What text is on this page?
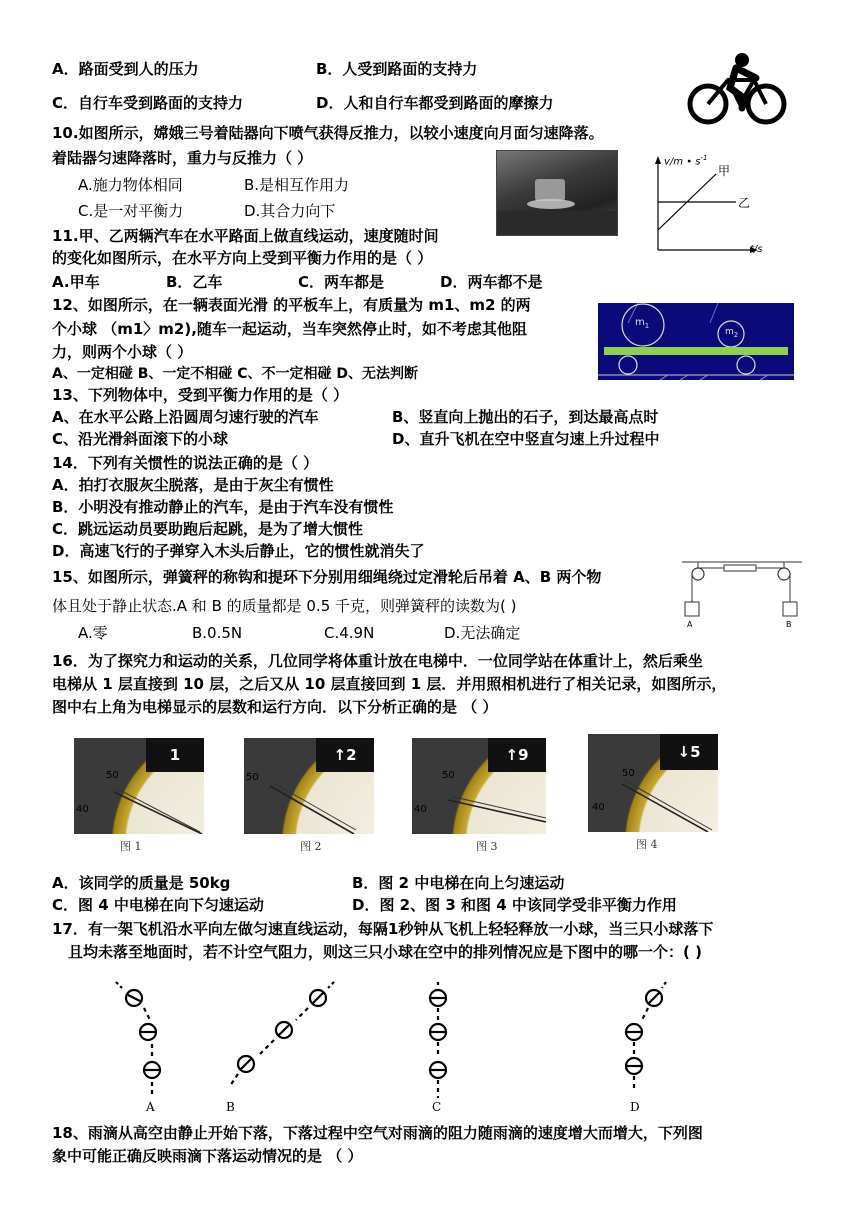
A．路面受到人的压力	B．人受到路面的支持力
C．自行车受到路面的支持力	D．人和自行车都受到路面的摩擦力
10.如图所示，嫦娥三号着陆器向下喷气获得反推力，以较小速度向月面匀速降落。
着陆器匀速降落时，重力与反推力（ ）
A.施力物体相同	B.是相互作用力
C.是一对平衡力	D.其合力向下
v/m • $s^{-1}$
甲
乙
t/s
11.甲、乙两辆汽车在水平路面上做直线运动，速度随时间
的变化如图所示，在水平方向上受到平衡力作用的是（ ）
A.甲车	B．乙车	C．两车都是	D．两车都不是
12、如图所示，在一辆表面光滑 的平板车上，有质量为 m1、m2 的两
个小球 （m1〉m2),随车一起运动，当车突然停止时，如不考虑其他阻
力，则两个小球（ ）
A、一定相碰 B、一定不相碰 C、不一定相碰 D、无法判断
$m_1$
$m_2$
13、下列物体中，受到平衡力作用的是（ ）
A、在水平公路上沿圆周匀速行驶的汽车	B、竖直向上抛出的石子，到达最高点时
C、沿光滑斜面滚下的小球	D、直升飞机在空中竖直匀速上升过程中
14．下列有关惯性的说法正确的是（ ）
A．拍打衣服灰尘脱落，是由于灰尘有惯性
B．小明没有推动静止的汽车，是由于汽车没有惯性
C．跳远运动员要助跑后起跳，是为了增大惯性
D．高速飞行的子弹穿入木头后静止，它的惯性就消失了
15、如图所示，弹簧秤的称钩和提环下分别用细绳绕过定滑轮后吊着 A、B 两个物
体且处于静止状态.A 和 B 的质量都是 0.5 千克，则弹簧秤的读数为( )
A.零	B.0.5N	C.4.9N	D.无法确定	A	B
16．为了探究力和运动的关系，几位同学将体重计放在电梯中．一位同学站在体重计上，然后乘坐
电梯从 1 层直接到 10 层，之后又从 10 层直接回到 1 层．并用照相机进行了相关记录，如图所示，
图中右上角为电梯显示的层数和运行方向．以下分析正确的是 （ ）
1
50
40
图 1
↑2
50
图 2
↑9
50
40
图 3
↓5
50
40
图 4
A．该同学的质量是 50kg	B．图 2 中电梯在向上匀速运动
C．图 4 中电梯在向下匀速运动	D．图 2、图 3 和图 4 中该同学受非平衡力作用
17．有一架飞机沿水平向左做匀速直线运动，每隔1秒钟从飞机上轻轻释放一小球，当三只小球落下
且均未落至地面时，若不计空气阻力，则这三只小球在空中的排列情况应是下图中的哪一个：( )
A	B	C	D
18、雨滴从高空由静止开始下落，下落过程中空气对雨滴的阻力随雨滴的速度增大而增大，下列图
象中可能正确反映雨滴下落运动情况的是 （ ）
